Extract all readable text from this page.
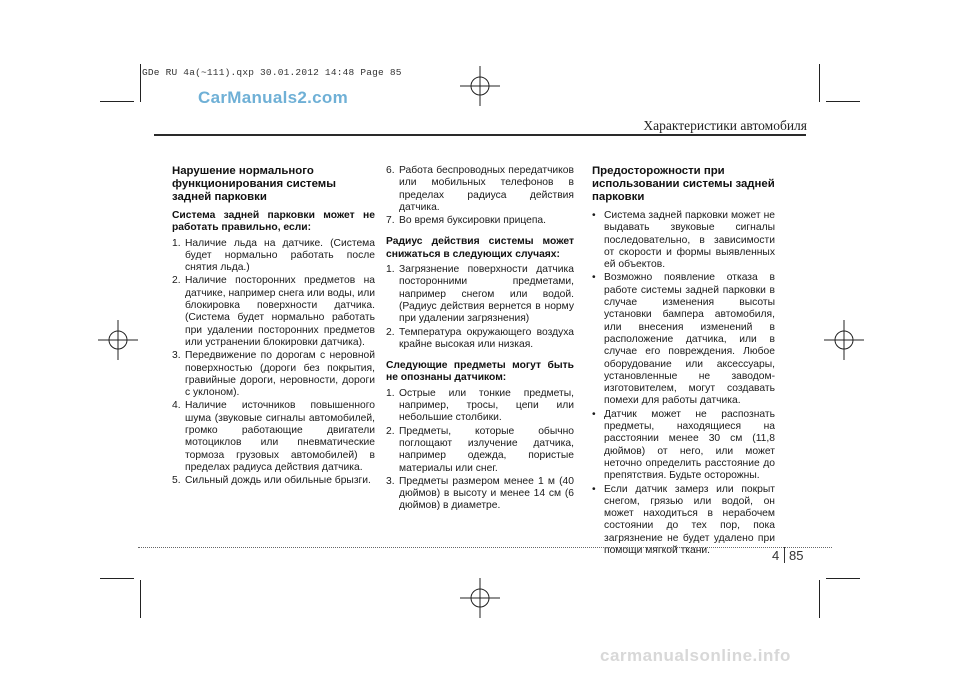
GDe RU 4a(~111).qxp 30.01.2012 14:48 Page 85
CarManuals2.com
Характеристики автомобиля
Нарушение нормального функционирования системы задней парковки
Система задней парковки может не работать правильно, если:
1. Наличие льда на датчике. (Система будет нормально работать после снятия льда.)
2. Наличие посторонних предметов на датчике, например снега или воды, или блокировка поверхности датчика. (Система будет нормально работать при удалении посторонних предметов или устранении блокировки датчика).
3. Передвижение по дорогам с неровной поверхностью (дороги без покрытия, гравийные дороги, неровности, дороги с уклоном).
4. Наличие источников повышенного шума (звуковые сигналы автомобилей, громко работающие двигатели мотоциклов или пневматические тормоза грузовых автомобилей) в пределах радиуса действия датчика.
5. Сильный дождь или обильные брызги.
6. Работа беспроводных передатчиков или мобильных телефонов в пределах радиуса действия датчика.
7. Во время буксировки прицепа.
Радиус действия системы может снижаться в следующих случаях:
1. Загрязнение поверхности датчика посторонними предметами, например снегом или водой. (Радиус действия вернется в норму при удалении загрязнения)
2. Температура окружающего воздуха крайне высокая или низкая.
Следующие предметы могут быть не опознаны датчиком:
1. Острые или тонкие предметы, например, тросы, цепи или небольшие столбики.
2. Предметы, которые обычно поглощают излучение датчика, например одежда, пористые материалы или снег.
3. Предметы размером менее 1 м (40 дюймов) в высоту и менее 14 см (6 дюймов) в диаметре.
Предосторожности при использовании системы задней парковки
• Система задней парковки может не выдавать звуковые сигналы последовательно, в зависимости от скорости и формы выявленных ей объектов.
• Возможно появление отказа в работе системы задней парковки в случае изменения высоты установки бампера автомобиля, или внесения изменений в расположение датчика, или в случае его повреждения. Любое оборудование или аксессуары, установленные не заводом-изготовителем, могут создавать помехи для работы датчика.
• Датчик может не распознать предметы, находящиеся на расстоянии менее 30 см (11,8 дюймов) от него, или может неточно определить расстояние до препятствия. Будьте осторожны.
• Если датчик замерз или покрыт снегом, грязью или водой, он может находиться в нерабочем состоянии до тех пор, пока загрязнение не будет удалено при помощи мягкой ткани.	4 85
carmanualsonline.info
